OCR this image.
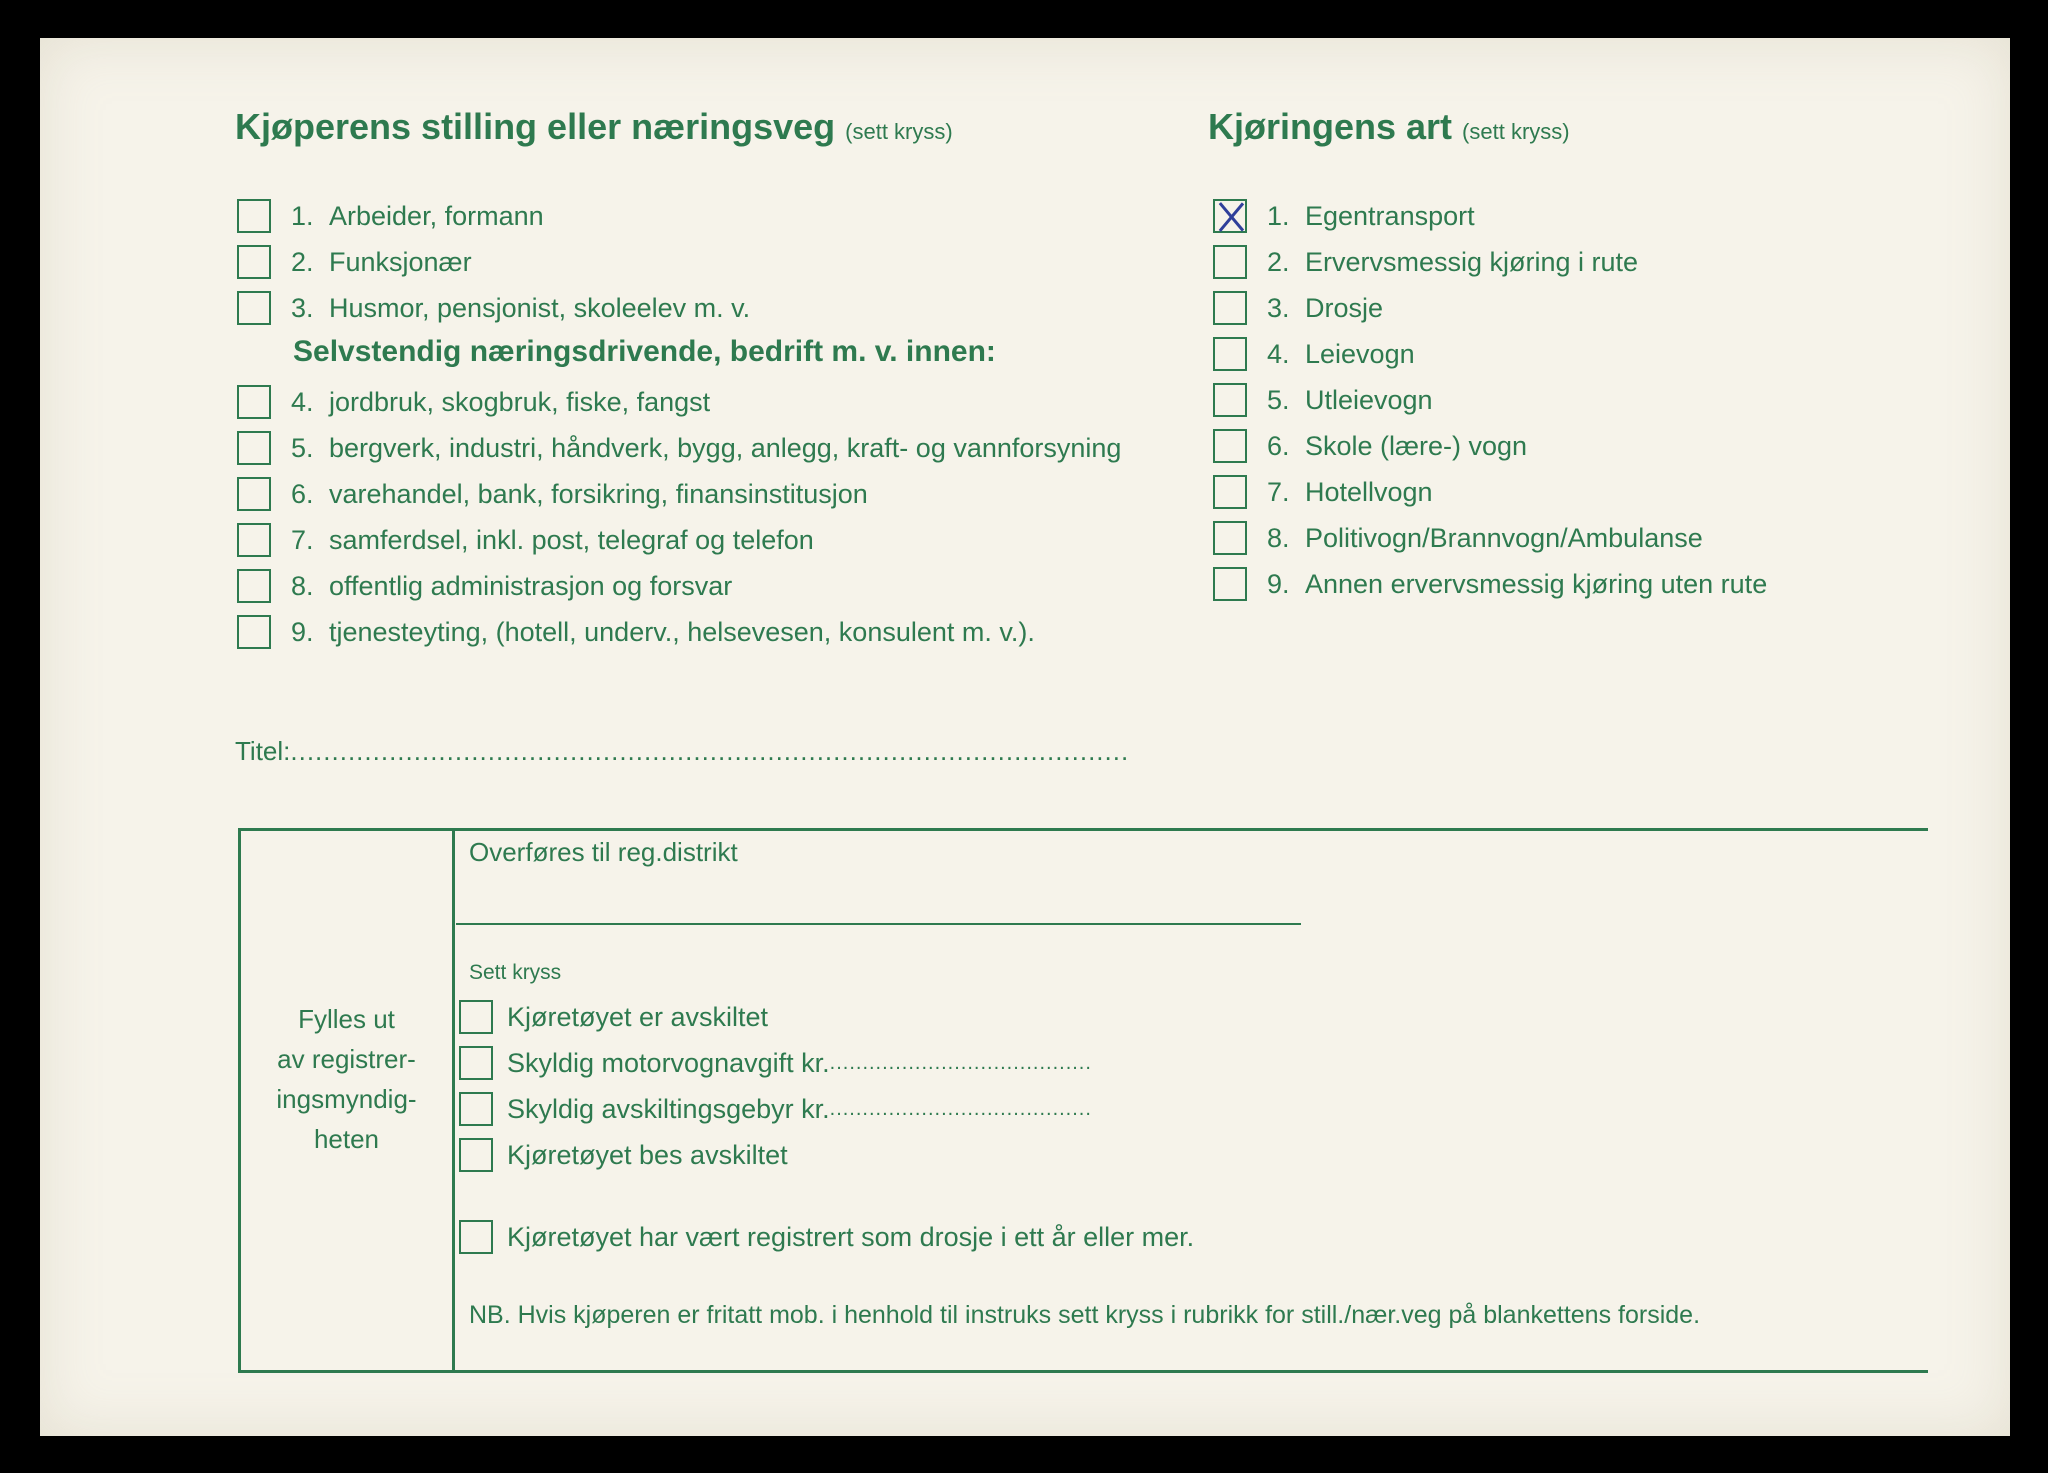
Kjøperens stilling eller næringsveg (sett kryss)
1. Arbeider, formann
2. Funksjonær
3. Husmor, pensjonist, skoleelev m. v.
Selvstendig næringsdrivende, bedrift m. v. innen:
4. jordbruk, skogbruk, fiske, fangst
5. bergverk, industri, håndverk, bygg, anlegg, kraft- og vannforsyning
6. varehandel, bank, forsikring, finansinstitusjon
7. samferdsel, inkl. post, telegraf og telefon
8. offentlig administrasjon og forsvar
9. tjenesteyting, (hotell, underv., helsevesen, konsulent m. v.).
Kjøringens art (sett kryss)
1. Egentransport
2. Ervervsmessig kjøring i rute
3. Drosje
4. Leievogn
5. Utleievogn
6. Skole (lære-) vogn
7. Hotellvogn
8. Politivogn/Brannvogn/Ambulanse
9. Annen ervervsmessig kjøring uten rute
Titel:......................................................................................................
Fylles ut
av registrer-
ingsmyndig-
heten
Overføres til reg.distrikt
Sett kryss
Kjøretøyet er avskiltet
Skyldig motorvognavgift kr. ........................................
Skyldig avskiltingsgebyr kr. ........................................
Kjøretøyet bes avskiltet
Kjøretøyet har vært registrert som drosje i ett år eller mer.
NB. Hvis kjøperen er fritatt mob. i henhold til instruks sett kryss i rubrikk for still./nær.veg på blankettens forside.
